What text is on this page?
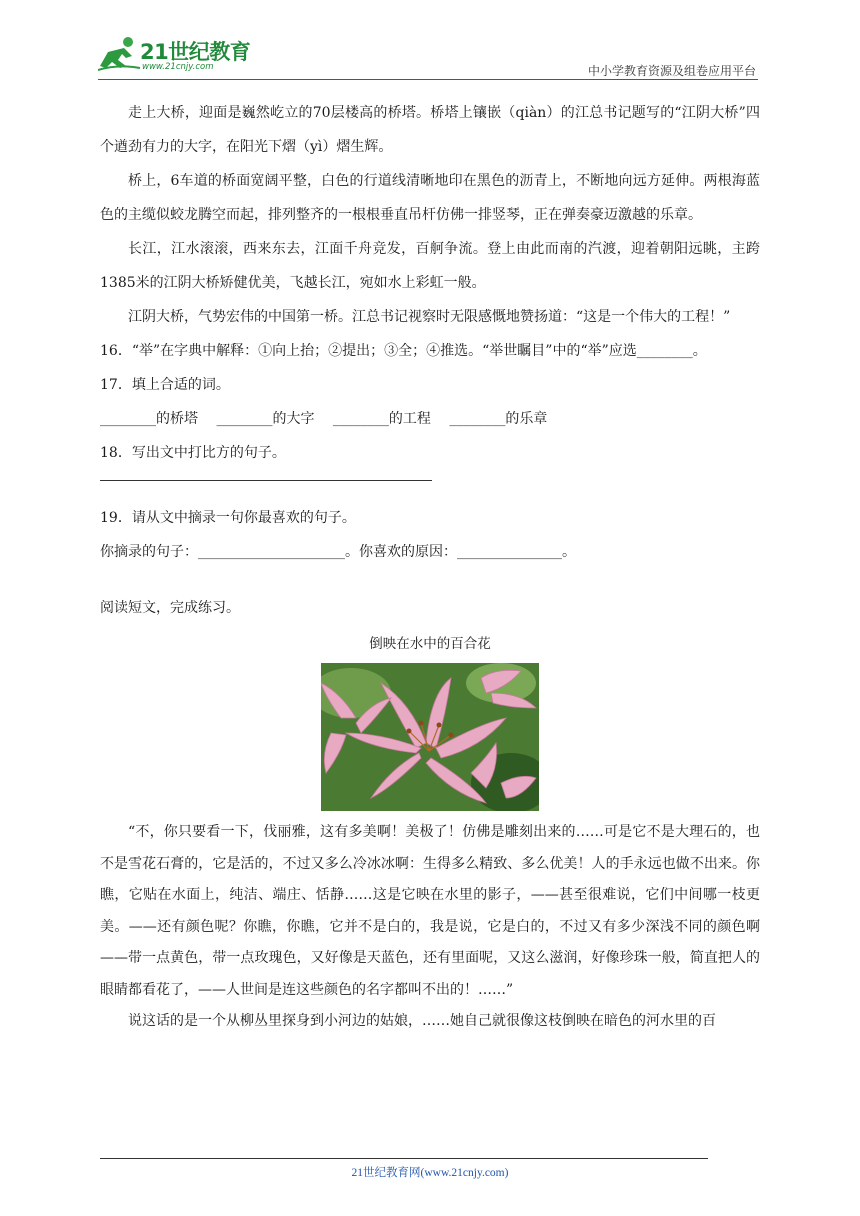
21世纪教育
www.21cnjy.com	中小学教育资源及组卷应用平台

走上大桥，迎面是巍然屹立的70层楼高的桥塔。桥塔上镶嵌（qiàn）的江总书记题写的“江阴大桥”四个遒劲有力的大字，在阳光下熠（yì）熠生辉。

桥上，6车道的桥面宽阔平整，白色的行道线清晰地印在黑色的沥青上，不断地向远方延伸。两根海蓝色的主缆似蛟龙腾空而起，排列整齐的一根根垂直吊杆仿佛一排竖琴，正在弹奏豪迈激越的乐章。

长江，江水滚滚，西来东去，江面千舟竞发，百舸争流。登上由此而南的汽渡，迎着朝阳远眺，主跨1385米的江阴大桥矫健优美，飞越长江，宛如水上彩虹一般。

江阴大桥，气势宏伟的中国第一桥。江总书记视察时无限感慨地赞扬道：“这是一个伟大的工程！”

16．“举”在字典中解释：①向上抬；②提出；③全；④推选。“举世瞩目”中的“举”应选________。

17．填上合适的词。

________的桥塔 ________的大字 ________的工程 ________的乐章

18．写出文中打比方的句子。

19．请从文中摘录一句你最喜欢的句子。

你摘录的句子：_____________________。你喜欢的原因：_______________。

阅读短文，完成练习。

倒映在水中的百合花

“不，你只要看一下，伐丽雅，这有多美啊！美极了！仿佛是雕刻出来的……可是它不是大理石的，也不是雪花石膏的，它是活的，不过又多么冷冰冰啊：生得多么精致、多么优美！人的手永远也做不出来。你瞧，它贴在水面上，纯洁、端庄、恬静……这是它映在水里的影子，——甚至很难说，它们中间哪一枝更美。——还有颜色呢？你瞧，你瞧，它并不是白的，我是说，它是白的，不过又有多少深浅不同的颜色啊——带一点黄色，带一点玫瑰色，又好像是天蓝色，还有里面呢，又这么滋润，好像珍珠一般，简直把人的眼睛都看花了，——人世间是连这些颜色的名字都叫不出的！……”

说这话的是一个从柳丛里探身到小河边的姑娘，……她自己就很像这枝倒映在暗色的河水里的百

21世纪教育网(www.21cnjy.com)
